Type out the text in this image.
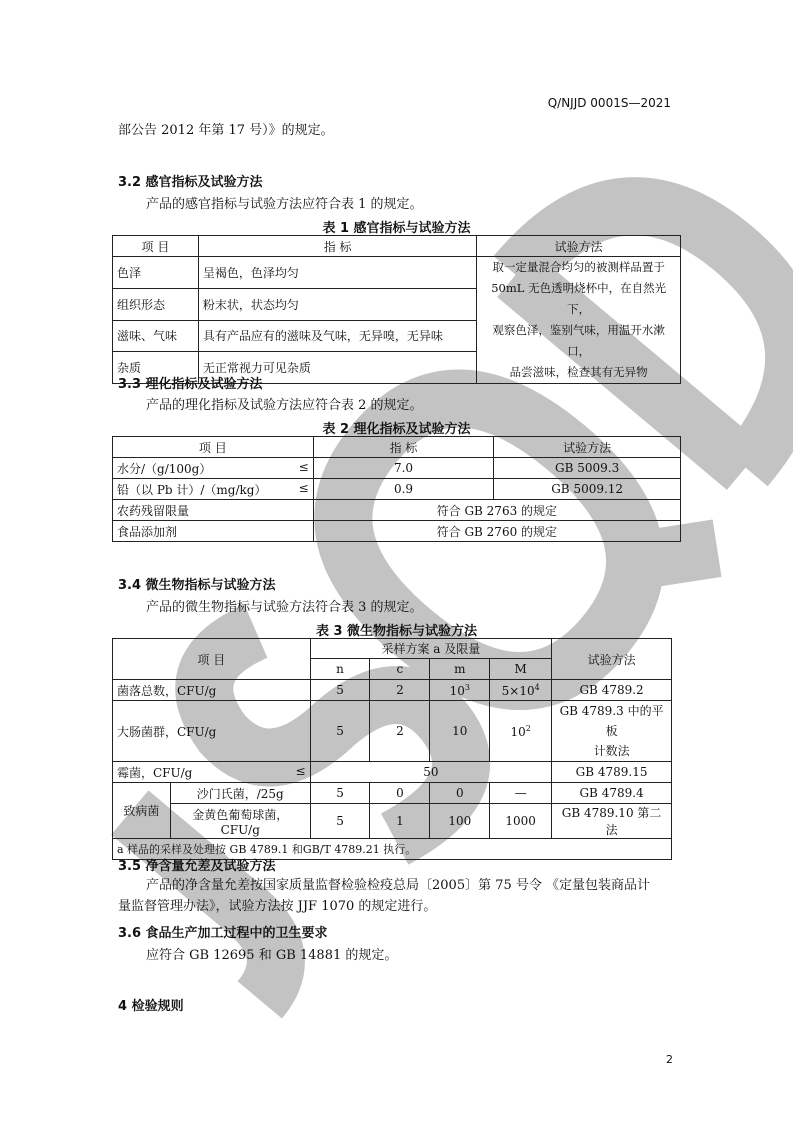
Q/NJJD 0001S—2021
部公告 2012 年第 17 号）》的规定。
3.2 感官指标及试验方法
产品的感官指标与试验方法应符合表 1 的规定。
表 1 感官指标与试验方法
项 目	指 标	试验方法
色泽	呈褐色，色泽均匀	取一定量混合均匀的被测样品置于
50mL 无色透明烧杯中，在自然光下，
观察色泽，鉴别气味，用温开水漱口，
品尝滋味，检查其有无异物

组织形态	粉末状，状态均匀	
滋味、气味	具有产品应有的滋味及气味，无异嗅，无异味	
杂质	无正常视力可见杂质	
3.3 理化指标及试验方法
产品的理化指标及试验方法应符合表 2 的规定。
表 2 理化指标及试验方法
项 目	指 标	试验方法
水分/（g/100g） ≤	7.0	GB 5009.3
铅（以 Pb 计）/（mg/kg） ≤	0.9	GB 5009.12
农药残留限量	符合 GB 2763 的规定	
食品添加剂	符合 GB 2760 的规定	
3.4 微生物指标与试验方法
产品的微生物指标与试验方法符合表 3 的规定。
表 3 微生物指标与试验方法
项 目		采样方案 a 及限量				试验方法
		n	c	m	M	
菌落总数，CFU/g		5	2	$10^3$	$5\times 10^4$	GB 4789.2
大肠菌群，CFU/g		5	2	10	$10^2$	GB 4789.3 中的平板
计数法

霉菌，CFU/g ≤		50				GB 4789.15
致病菌	沙门氏菌，/25g	5	0	0	—	GB 4789.4
	金黄色葡萄球菌，CFU/g	5	1	100	1000	GB 4789.10 第二法
a 样品的采样及处理按 GB 4789.1 和GB/T 4789.21 执行。						
3.5 净含量允差及试验方法
产品的净含量允差按国家质量监督检验检疫总局〔2005〕第 75 号令 《定量包装商品计
量监督管理办法》，试验方法按 JJF 1070 的规定进行。
3.6 食品生产加工过程中的卫生要求
应符合 GB 12695 和 GB 14881 的规定。
4 检验规则
2
